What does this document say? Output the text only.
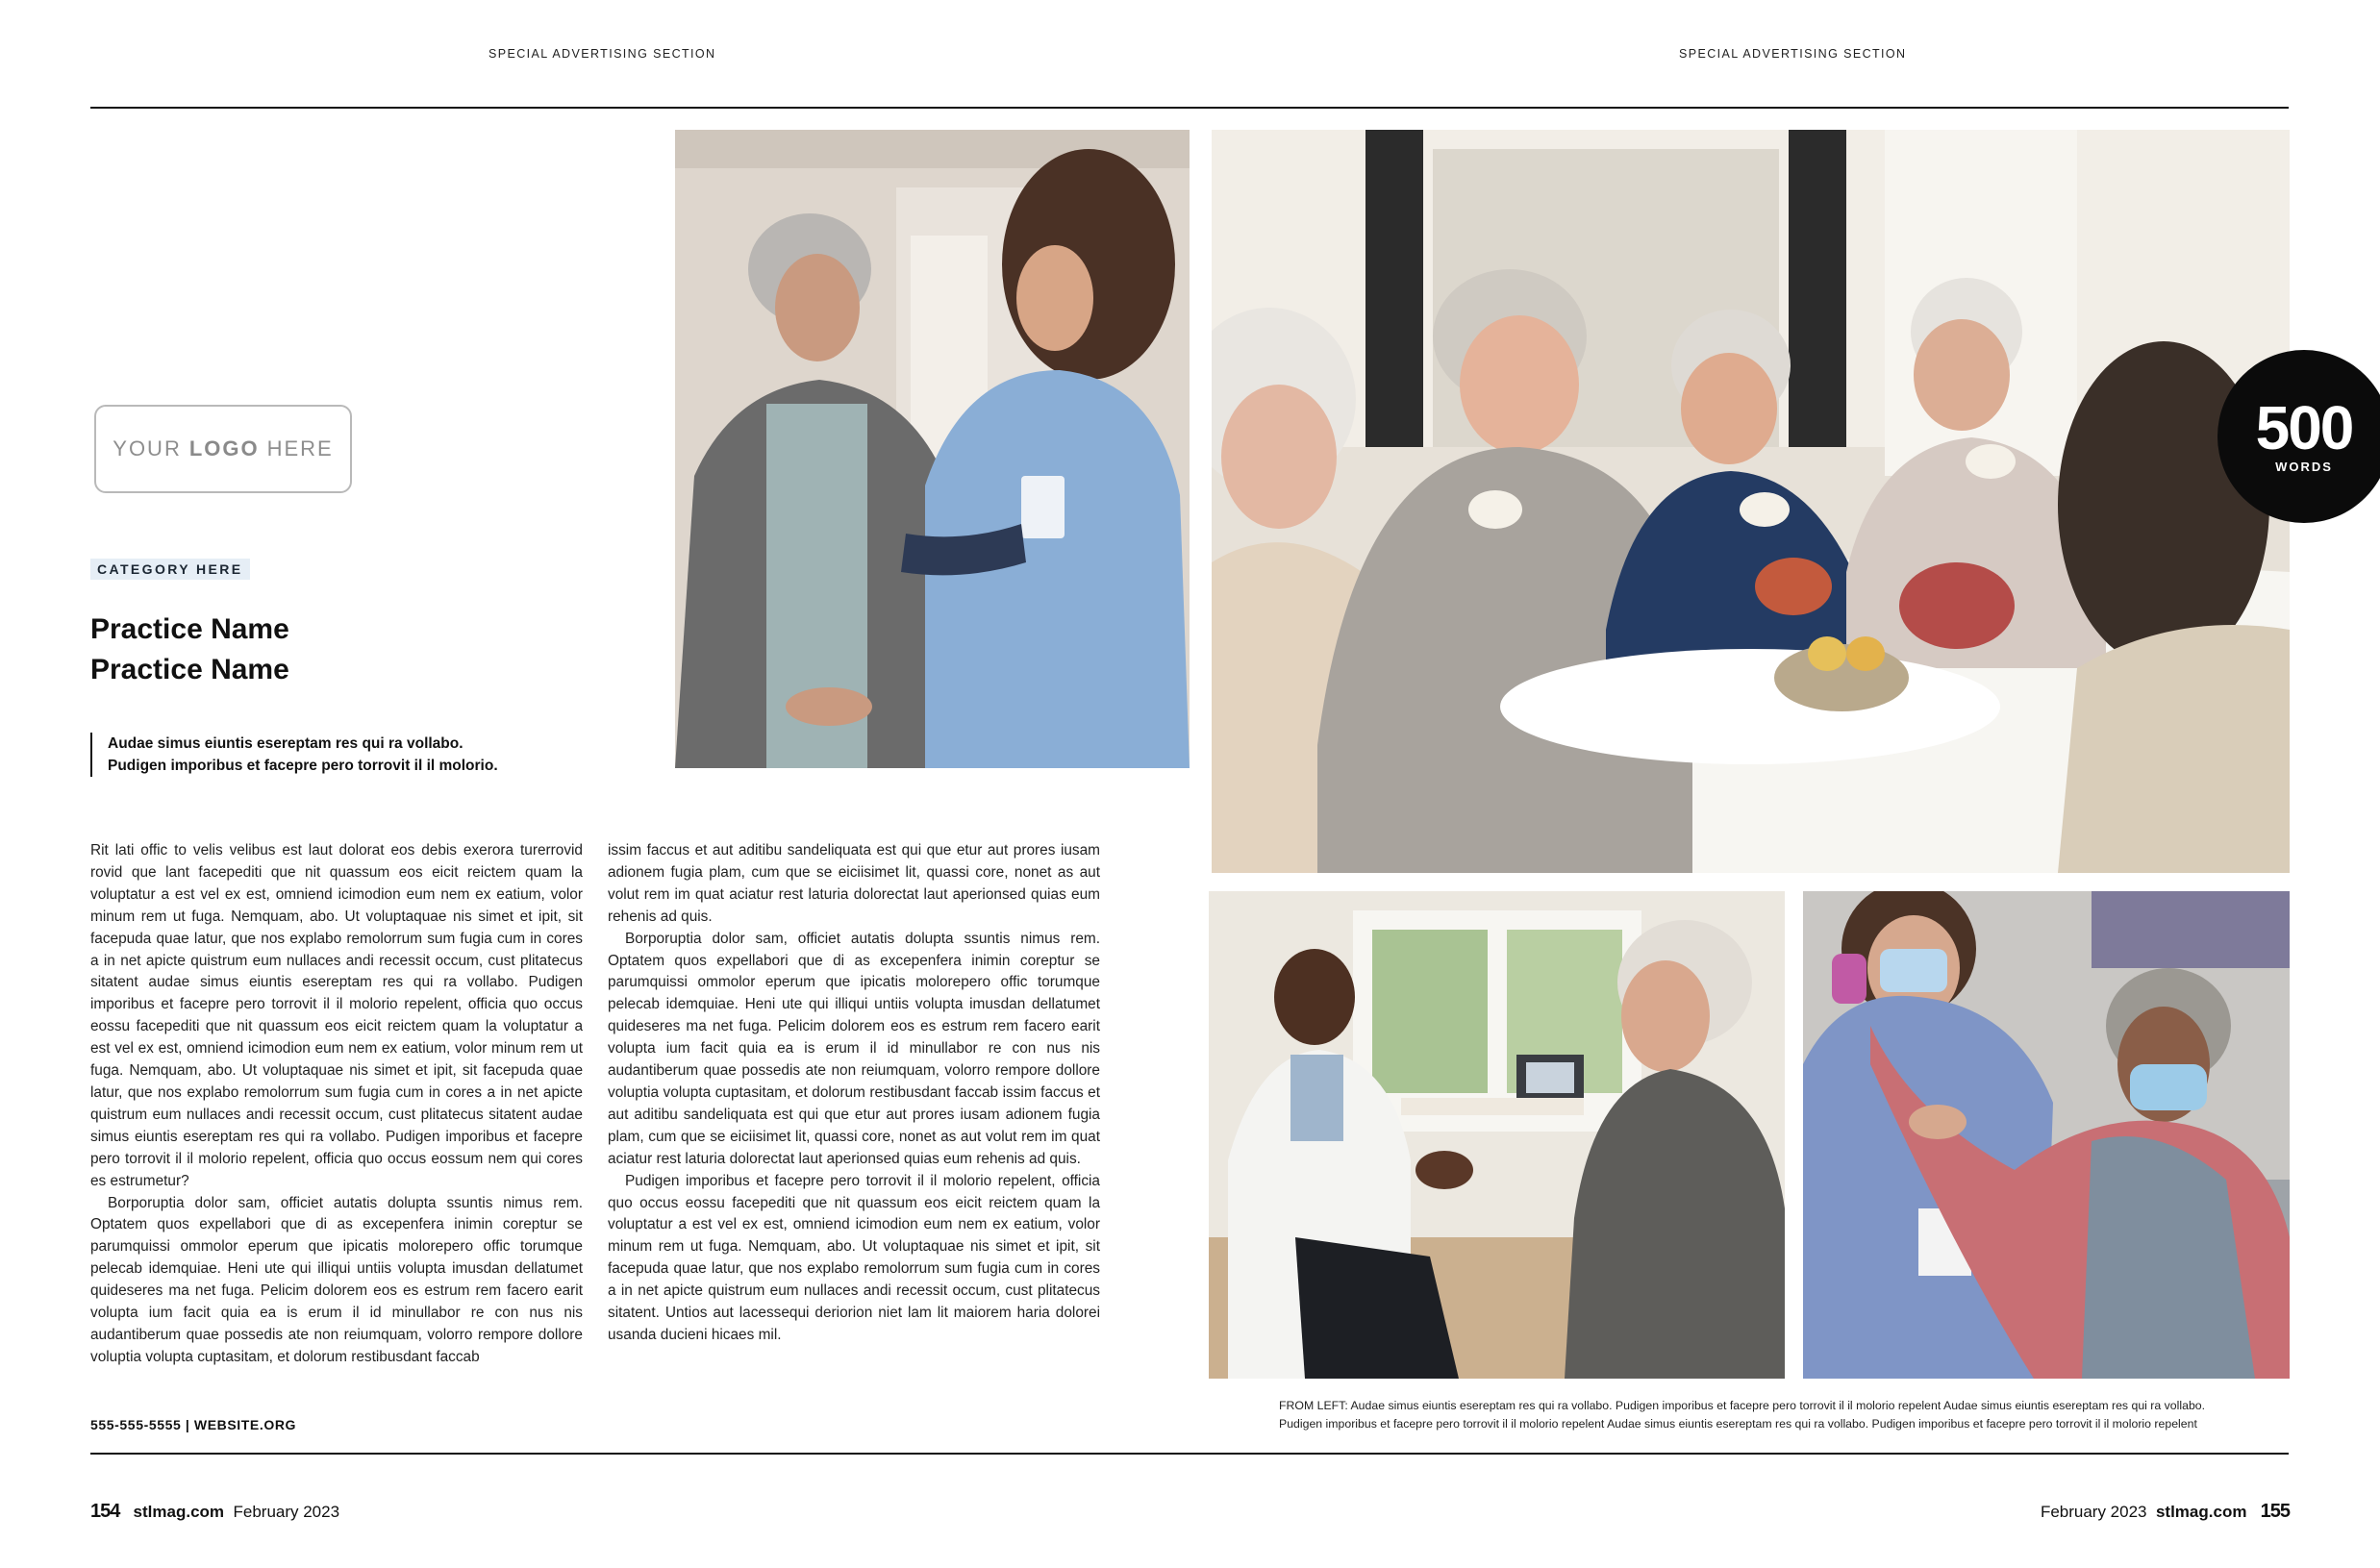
SPECIAL ADVERTISING SECTION	SPECIAL ADVERTISING SECTION
YOUR LOGO HERE
CATEGORY HERE
Practice Name
Practice Name
Audae simus eiuntis esereptam res qui ra vollabo.
Pudigen imporibus et facepre pero torrovit il il molorio.

Rit lati offic to velis velibus est laut dolorat eos debis exerora turerrovid rovid que lant facepediti que nit quassum eos eicit reictem quam la voluptatur a est vel ex est, omniend icimodion eum nem ex eatium, volor minum rem ut fuga. Nemquam, abo. Ut voluptaquae nis simet et ipit, sit facepuda quae latur, que nos explabo remolorrum sum fugia cum in cores a in net apicte quistrum eum nullaces andi recessit occum, cust plitatecus sitatent audae simus eiuntis esereptam res qui ra vollabo. Pudigen imporibus et facepre pero torrovit il il molorio repelent, officia quo occus eossu facepediti que nit quassum eos eicit reictem quam la voluptatur a est vel ex est, omniend icimodion eum nem ex eatium, volor minum rem ut fuga. Nemquam, abo. Ut voluptaquae nis simet et ipit, sit facepuda quae latur, que nos explabo remolorrum sum fugia cum in cores a in net apicte quistrum eum nullaces andi recessit occum, cust plitatecus sitatent audae simus eiuntis esereptam res qui ra vollabo. Pudigen imporibus et facepre pero torrovit il il molorio repelent, officia quo occus eossum nem qui cores es estrumetur?

Borporuptia dolor sam, officiet autatis dolupta ssuntis nimus rem. Optatem quos expellabori que di as excepenfera inimin coreptur se parumquissi ommolor eperum que ipicatis molorepero offic torumque pelecab idemquiae. Heni ute qui illiqui untiis volupta imusdan dellatumet quideseres ma net fuga. Pelicim dolorem eos es estrum rem facero earit volupta ium facit quia ea is erum il id minullabor re con nus nis audantiberum quae possedis ate non reiumquam, volorro rempore dollore voluptia volupta cuptasitam, et dolorum restibusdant faccab

issim faccus et aut aditibu sandeliquata est qui que etur aut prores iusam adionem fugia plam, cum que se eiciisimet lit, quassi core, nonet as aut volut rem im quat aciatur rest laturia dolorectat laut aperionsed quias eum rehenis ad quis.

Borporuptia dolor sam, officiet autatis dolupta ssuntis nimus rem. Optatem quos expellabori que di as excepenfera inimin coreptur se parumquissi ommolor eperum que ipicatis molorepero offic torumque pelecab idemquiae. Heni ute qui illiqui untiis volupta imusdan dellatumet quideseres ma net fuga. Pelicim dolorem eos es estrum rem facero earit volupta ium facit quia ea is erum il id minullabor re con nus nis audantiberum quae possedis ate non reiumquam, volorro rempore dollore voluptia volupta cuptasitam, et dolorum restibusdant faccab issim faccus et aut aditibu sandeliquata est qui que etur aut prores iusam adionem fugia plam, cum que se eiciisimet lit, quassi core, nonet as aut volut rem im quat aciatur rest laturia dolorectat laut aperionsed quias eum rehenis ad quis.

Pudigen imporibus et facepre pero torrovit il il molorio repelent, officia quo occus eossu facepediti que nit quassum eos eicit reictem quam la voluptatur a est vel ex est, omniend icimodion eum nem ex eatium, volor minum rem ut fuga. Nemquam, abo. Ut voluptaquae nis simet et ipit, sit facepuda quae latur, que nos explabo remolorrum sum fugia cum in cores a in net apicte quistrum eum nullaces andi recessit occum, cust plitatecus sitatent. Untios aut lacessequi deriorion niet lam lit maiorem haria dolorei usanda ducieni hicaes mil.

555-555-5555 | WEBSITE.ORG
500
WORDS
FROM LEFT: Audae simus eiuntis esereptam res qui ra vollabo. Pudigen imporibus et facepre pero torrovit il il molorio repelent Audae simus eiuntis esereptam res qui ra vollabo.
Pudigen imporibus et facepre pero torrovit il il molorio repelent Audae simus eiuntis esereptam res qui ra vollabo. Pudigen imporibus et facepre pero torrovit il il molorio repelent
154 stlmag.com February 2023	February 2023 stlmag.com 155
